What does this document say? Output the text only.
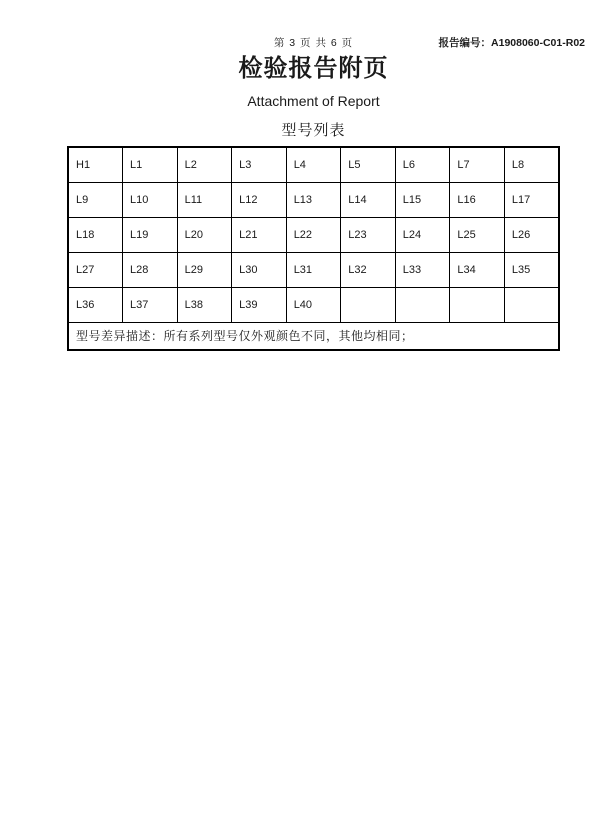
第 3 页 共 6 页	报告编号：A1908060-C01-R02
检验报告附页
Attachment of Report
型号列表
H1	L1	L2	L3	L4	L5	L6	L7	L8
L9	L10	L11	L12	L13	L14	L15	L16	L17
L18	L19	L20	L21	L22	L23	L24	L25	L26
L27	L28	L29	L30	L31	L32	L33	L34	L35
L36	L37	L38	L39	L40				
型号差异描述：所有系列型号仅外观颜色不同，其他均相同；								
